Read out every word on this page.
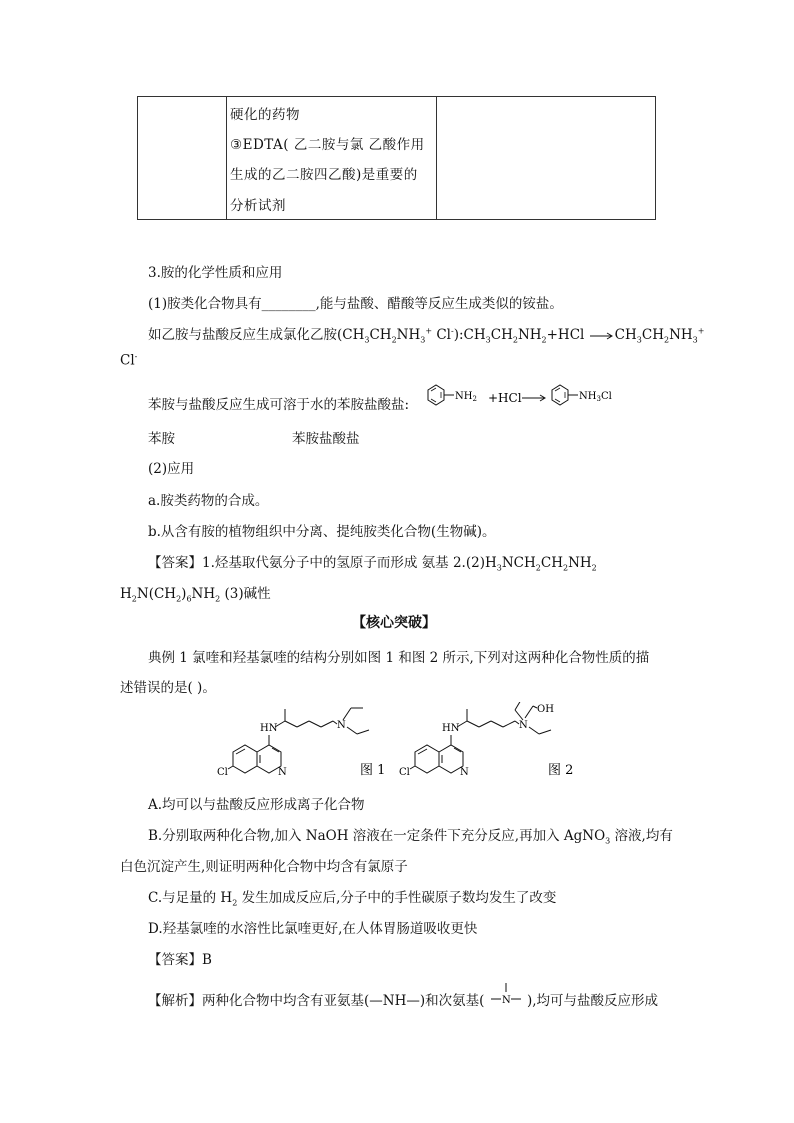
硬化的药物
③EDTA( 乙二胺与氯 乙酸作用
生成的乙二胺四乙酸)是重要的
分析试剂
3.胺的化学性质和应用
(1)胺类化合物具有________,能与盐酸、醋酸等反应生成类似的铵盐。
如乙胺与盐酸反应生成氯化乙胺($CH_3CH_2NH_3^+$ $Cl^-):CH_3CH_2NH_2+HCl \to CH_3CH_2NH_3^+$
Cl-
苯胺与盐酸反应生成可溶于水的苯胺盐酸盐:
$NH_2 +HCl$	$NH_3Cl$
苯胺	苯胺盐酸盐
(2)应用
a.胺类药物的合成。
b.从含有胺的植物组织中分离、提纯胺类化合物(生物碱)。
【答案】1.烃基取代氨分子中的氢原子而形成 氨基 $2.(2)H_3NCH_2CH_2NH_2$
$H_2N(CH_2)_6NH_2$ (3)碱性
【核心突破】
典例 1 氯喹和羟基氯喹的结构分别如图 1 和图 2 所示,下列对这两种化合物性质的描
述错误的是( )。
HN	N
N
Cl	图 1
HN	N
N
Cl
OH
图 2
A.均可以与盐酸反应形成离子化合物
B.分别取两种化合物,加入 NaOH 溶液在一定条件下充分反应,再加入 AgNO$_3$ 溶液,均有
白色沉淀产生,则证明两种化合物中均含有氯原子
C.与足量的 $H_2$ 发生加成反应后,分子中的手性碳原子数均发生了改变
D.羟基氯喹的水溶性比氯喹更好,在人体胃肠道吸收更快
【答案】B
【解析】两种化合物中均含有亚氨基(—NH—)和次氨基( N ),均可与盐酸反应形成
